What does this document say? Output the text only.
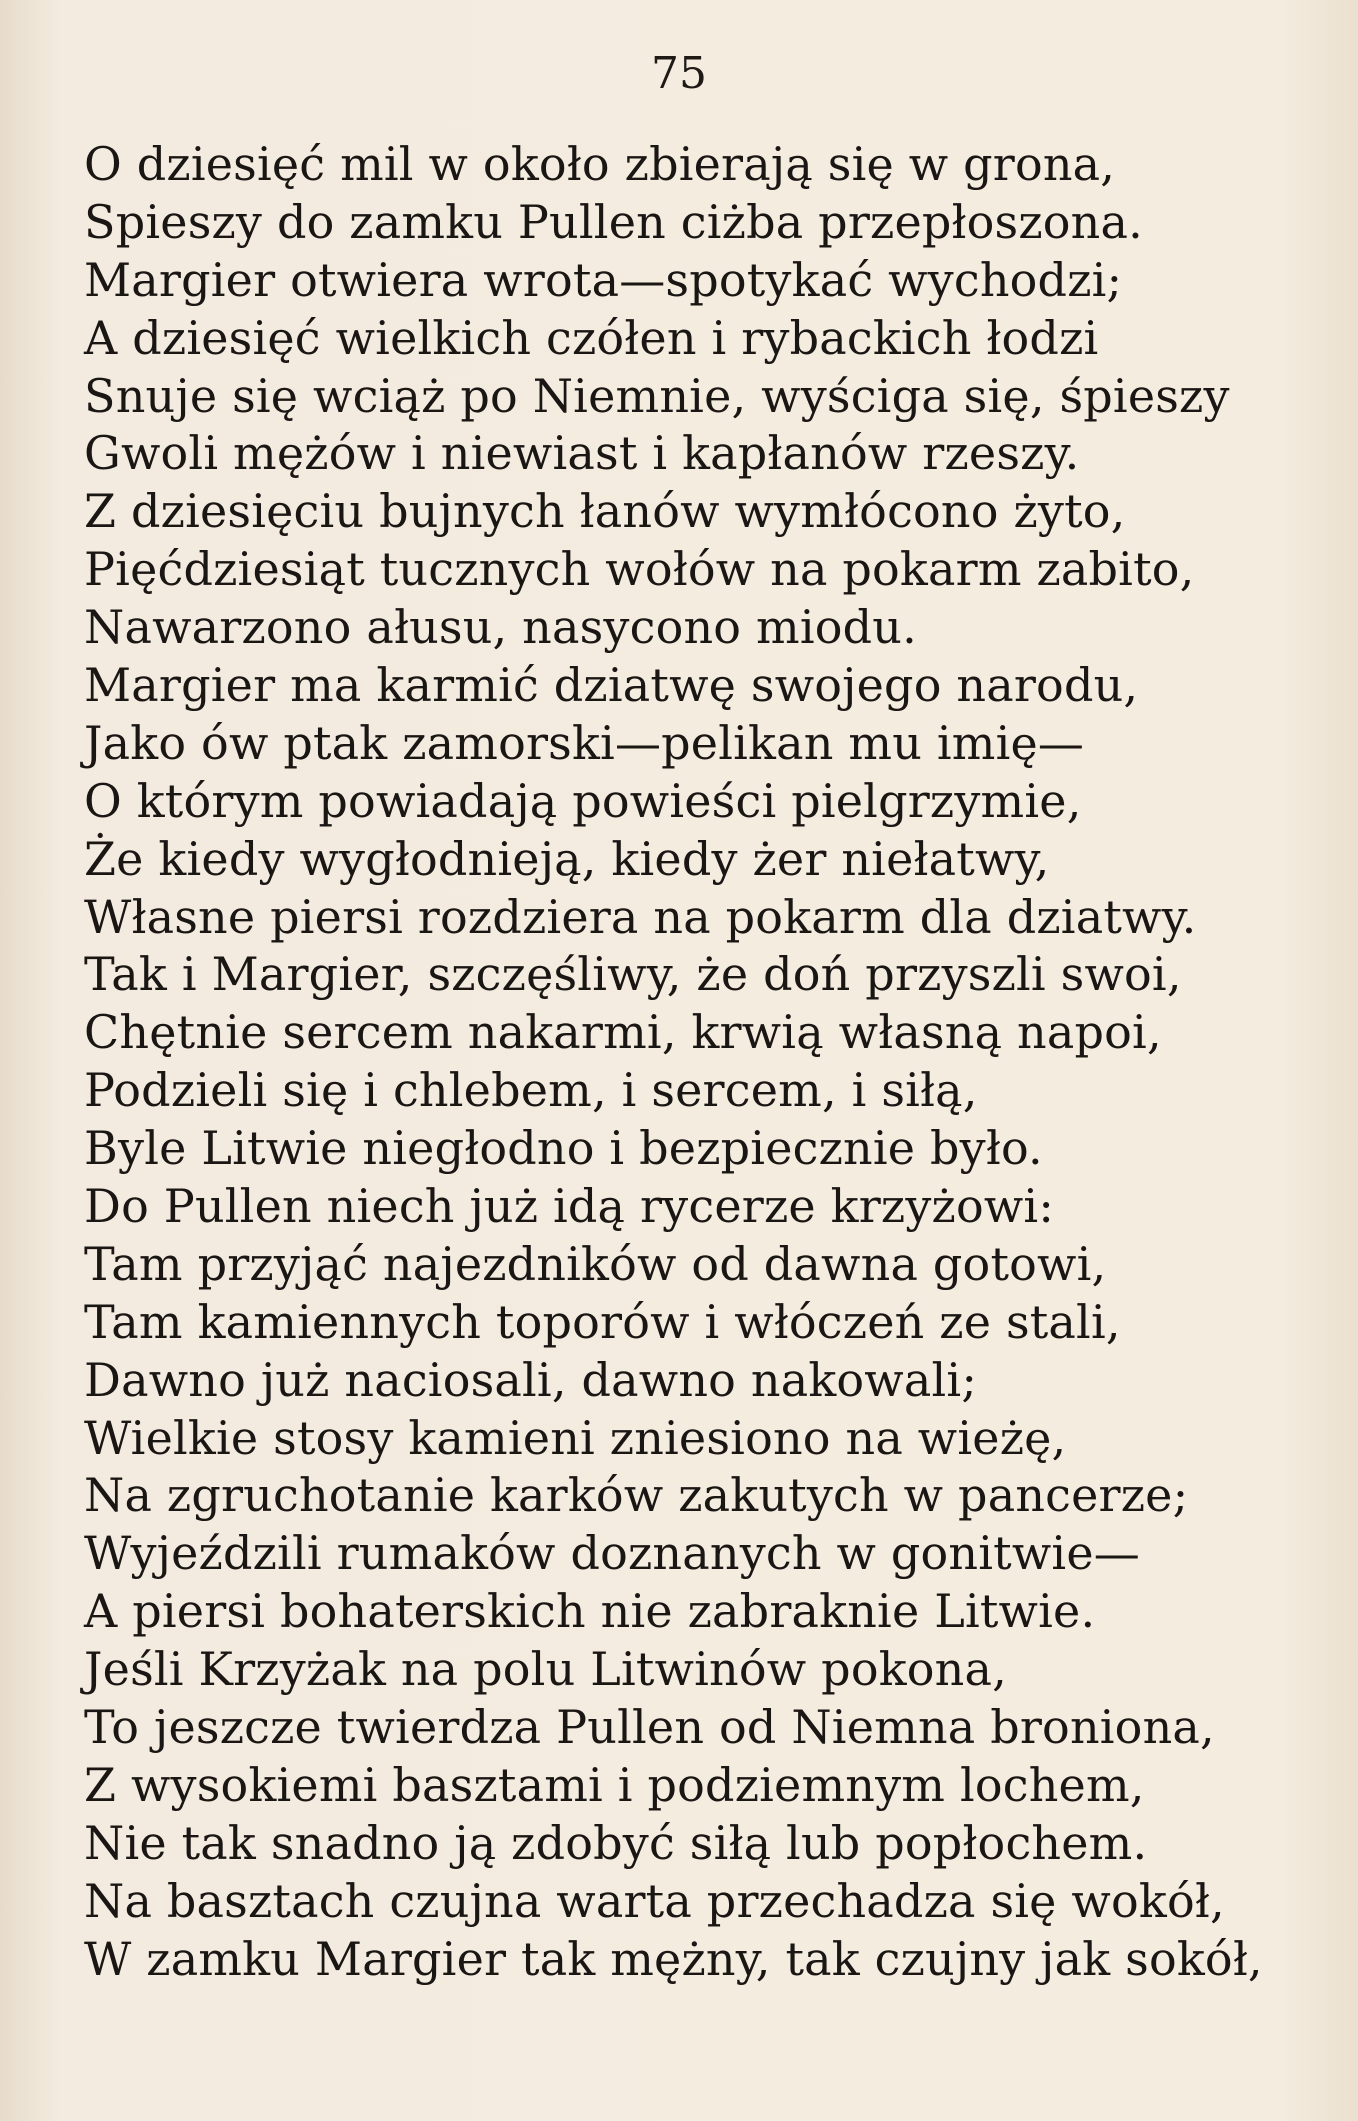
75
O dziesięć mil w około zbierają się w grona,
Spieszy do zamku Pullen ciżba przepłoszona.
Margier otwiera wrota—spotykać wychodzi;
A dziesięć wielkich czółen i rybackich łodzi
Snuje się wciąż po Niemnie, wyściga się, śpieszy
Gwoli mężów i niewiast i kapłanów rzeszy.
Z dziesięciu bujnych łanów wymłócono żyto,
Pięćdziesiąt tucznych wołów na pokarm zabito,
Nawarzono ałusu, nasycono miodu.
Margier ma karmić dziatwę swojego narodu,
Jako ów ptak zamorski—pelikan mu imię—
O którym powiadają powieści pielgrzymie,
Że kiedy wygłodnieją, kiedy żer niełatwy,
Własne piersi rozdziera na pokarm dla dziatwy.
Tak i Margier, szczęśliwy, że doń przyszli swoi,
Chętnie sercem nakarmi, krwią własną napoi,
Podzieli się i chlebem, i sercem, i siłą,
Byle Litwie niegłodno i bezpiecznie było.
Do Pullen niech już idą rycerze krzyżowi:
Tam przyjąć najezdników od dawna gotowi,
Tam kamiennych toporów i włóczeń ze stali,
Dawno już naciosali, dawno nakowali;
Wielkie stosy kamieni zniesiono na wieżę,
Na zgruchotanie karków zakutych w pancerze;
Wyjeździli rumaków doznanych w gonitwie—
A piersi bohaterskich nie zabraknie Litwie.
Jeśli Krzyżak na polu Litwinów pokona,
To jeszcze twierdza Pullen od Niemna broniona,
Z wysokiemi basztami i podziemnym lochem,
Nie tak snadno ją zdobyć siłą lub popłochem.
Na basztach czujna warta przechadza się wokół,
W zamku Margier tak mężny, tak czujny jak sokół,
